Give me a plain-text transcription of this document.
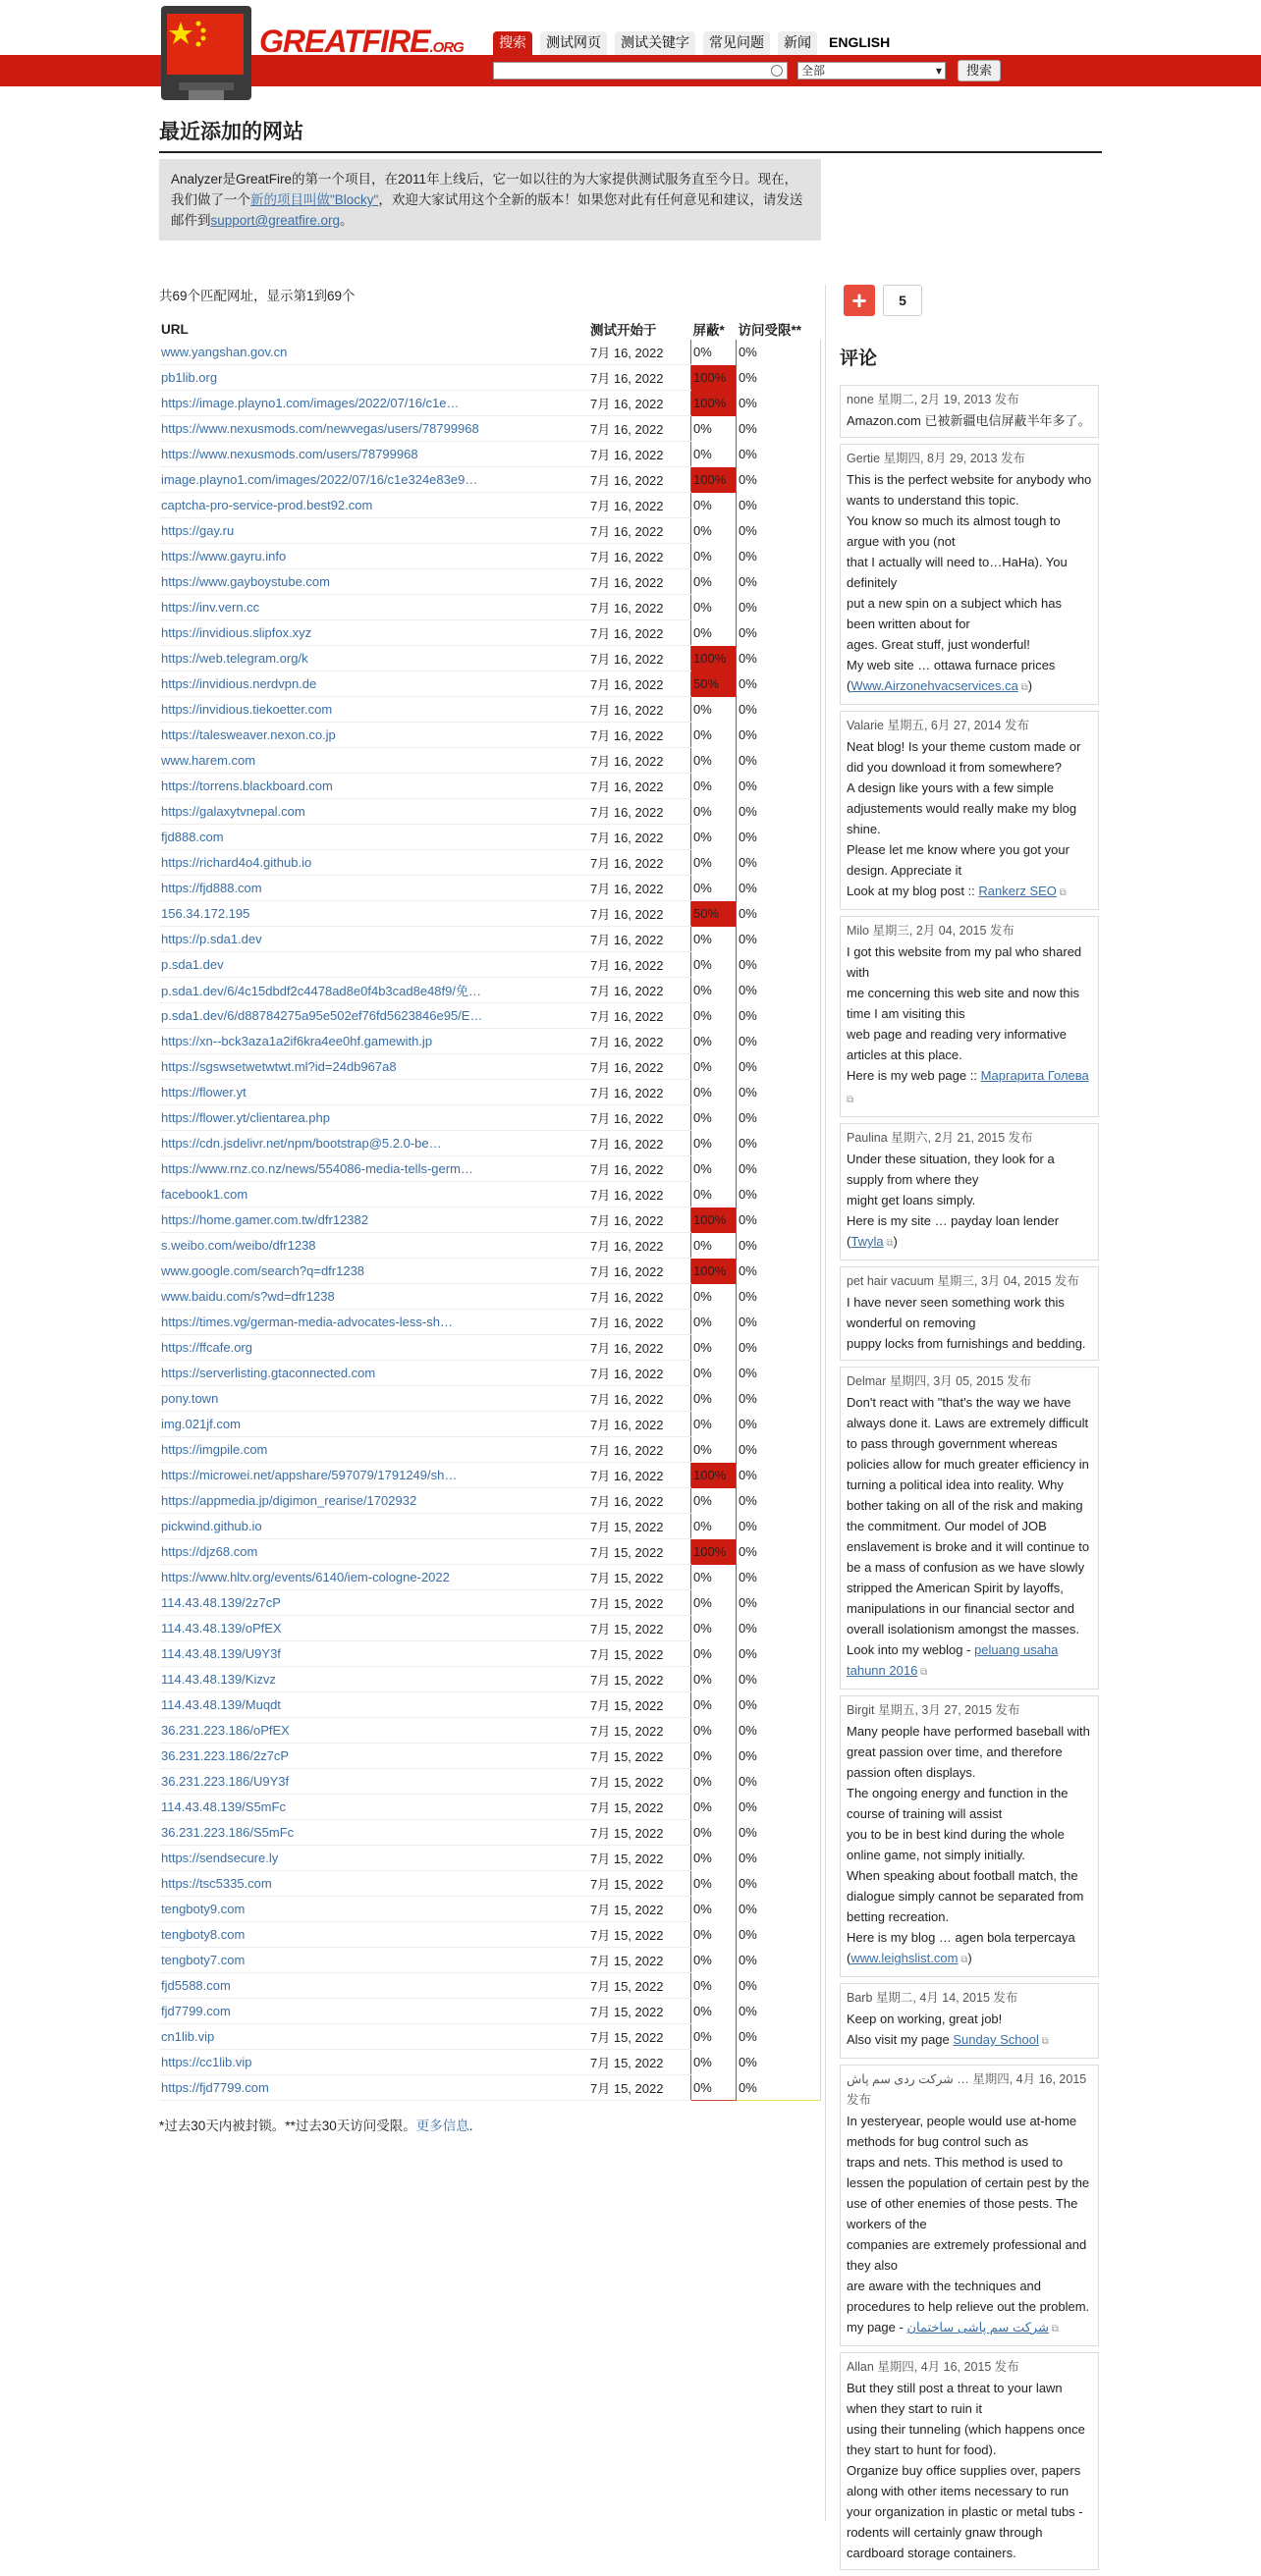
GREATFIRE.ORG	搜索	测试网页	测试关键字	常见问题	新闻	ENGLISH
全部 ▾	搜索
最近添加的网站
Analyzer是GreatFire的第一个项目，在2011年上线后，它一如以往的为大家提供测试服务直至今日。现在，我们做了一个新的项目叫做"Blocky"，欢迎大家试用这个全新的版本！如果您对此有任何意见和建议，请发送邮件到support@greatfire.org。
共69个匹配网址，显示第1到69个
URL	测试开始于	屏蔽*	访问受限**
www.yangshan.gov.cn	7月 16, 2022	0%	0%
pb1lib.org	7月 16, 2022	100%	0%
https://image.playno1.com/images/2022/07/16/c1e…	7月 16, 2022	100%	0%
https://www.nexusmods.com/newvegas/users/78799968	7月 16, 2022	0%	0%
https://www.nexusmods.com/users/78799968	7月 16, 2022	0%	0%
image.playno1.com/images/2022/07/16/c1e324e83e9…	7月 16, 2022	100%	0%
captcha-pro-service-prod.best92.com	7月 16, 2022	0%	0%
https://gay.ru	7月 16, 2022	0%	0%
https://www.gayru.info	7月 16, 2022	0%	0%
https://www.gayboystube.com	7月 16, 2022	0%	0%
https://inv.vern.cc	7月 16, 2022	0%	0%
https://invidious.slipfox.xyz	7月 16, 2022	0%	0%
https://web.telegram.org/k	7月 16, 2022	100%	0%
https://invidious.nerdvpn.de	7月 16, 2022	50%	0%
https://invidious.tiekoetter.com	7月 16, 2022	0%	0%
https://talesweaver.nexon.co.jp	7月 16, 2022	0%	0%
www.harem.com	7月 16, 2022	0%	0%
https://torrens.blackboard.com	7月 16, 2022	0%	0%
https://galaxytvnepal.com	7月 16, 2022	0%	0%
fjd888.com	7月 16, 2022	0%	0%
https://richard4o4.github.io	7月 16, 2022	0%	0%
https://fjd888.com	7月 16, 2022	0%	0%
156.34.172.195	7月 16, 2022	50%	0%
https://p.sda1.dev	7月 16, 2022	0%	0%
p.sda1.dev	7月 16, 2022	0%	0%
p.sda1.dev/6/4c15dbdf2c4478ad8e0f4b3cad8e48f9/免…	7月 16, 2022	0%	0%
p.sda1.dev/6/d88784275a95e502ef76fd5623846e95/E…	7月 16, 2022	0%	0%
https://xn--bck3aza1a2if6kra4ee0hf.gamewith.jp	7月 16, 2022	0%	0%
https://sgswsetwetwtwt.ml?id=24db967a8	7月 16, 2022	0%	0%
https://flower.yt	7月 16, 2022	0%	0%
https://flower.yt/clientarea.php	7月 16, 2022	0%	0%
https://cdn.jsdelivr.net/npm/bootstrap@5.2.0-be…	7月 16, 2022	0%	0%
https://www.rnz.co.nz/news/554086-media-tells-germ…	7月 16, 2022	0%	0%
facebook1.com	7月 16, 2022	0%	0%
https://home.gamer.com.tw/dfr12382	7月 16, 2022	100%	0%
s.weibo.com/weibo/dfr1238	7月 16, 2022	0%	0%
www.google.com/search?q=dfr1238	7月 16, 2022	100%	0%
www.baidu.com/s?wd=dfr1238	7月 16, 2022	0%	0%
https://times.vg/german-media-advocates-less-sh…	7月 16, 2022	0%	0%
https://ffcafe.org	7月 16, 2022	0%	0%
https://serverlisting.gtaconnected.com	7月 16, 2022	0%	0%
pony.town	7月 16, 2022	0%	0%
img.021jf.com	7月 16, 2022	0%	0%
https://imgpile.com	7月 16, 2022	0%	0%
https://microwei.net/appshare/597079/1791249/sh…	7月 16, 2022	100%	0%
https://appmedia.jp/digimon_rearise/1702932	7月 16, 2022	0%	0%
pickwind.github.io	7月 15, 2022	0%	0%
https://djz68.com	7月 15, 2022	100%	0%
https://www.hltv.org/events/6140/iem-cologne-2022	7月 15, 2022	0%	0%
114.43.48.139/2z7cP	7月 15, 2022	0%	0%
114.43.48.139/oPfEX	7月 15, 2022	0%	0%
114.43.48.139/U9Y3f	7月 15, 2022	0%	0%
114.43.48.139/Kizvz	7月 15, 2022	0%	0%
114.43.48.139/Muqdt	7月 15, 2022	0%	0%
36.231.223.186/oPfEX	7月 15, 2022	0%	0%
36.231.223.186/2z7cP	7月 15, 2022	0%	0%
36.231.223.186/U9Y3f	7月 15, 2022	0%	0%
114.43.48.139/S5mFc	7月 15, 2022	0%	0%
36.231.223.186/S5mFc	7月 15, 2022	0%	0%
https://sendsecure.ly	7月 15, 2022	0%	0%
https://tsc5335.com	7月 15, 2022	0%	0%
tengboty9.com	7月 15, 2022	0%	0%
tengboty8.com	7月 15, 2022	0%	0%
tengboty7.com	7月 15, 2022	0%	0%
fjd5588.com	7月 15, 2022	0%	0%
fjd7799.com	7月 15, 2022	0%	0%
cn1lib.vip	7月 15, 2022	0%	0%
https://cc1lib.vip	7月 15, 2022	0%	0%
https://fjd7799.com	7月 15, 2022	0%	0%
*过去30天内被封锁。**过去30天访问受限。更多信息.
+	5
评论
none 星期二, 2月 19, 2013 发布

Amazon.com 已被新疆电信屏蔽半年多了。

Gertie 星期四, 8月 29, 2013 发布

This is the perfect website for anybody who wants to understand this topic.

You know so much its almost tough to argue with you (not

that I actually will need to…HaHa). You definitely

put a new spin on a subject which has been written about for

ages. Great stuff, just wonderful!

My web site … ottawa furnace prices (Www.Airzonehvacservices.ca ⧉)

Valarie 星期五, 6月 27, 2014 发布

Neat blog! Is your theme custom made or did you download it from somewhere?

A design like yours with a few simple adjustements would really make my blog shine.

Please let me know where you got your design. Appreciate it

Look at my blog post :: Rankerz SEO ⧉

Milo 星期三, 2月 04, 2015 发布

I got this website from my pal who shared with

me concerning this web site and now this time I am visiting this

web page and reading very informative articles at this place.

Here is my web page :: Маргарита Голева ⧉

Paulina 星期六, 2月 21, 2015 发布

Under these situation, they look for a supply from where they

might get loans simply.

Here is my site … payday loan lender (Twyla ⧉)

pet hair vacuum 星期三, 3月 04, 2015 发布

I have never seen something work this wonderful on removing

puppy locks from furnishings and bedding.

Delmar 星期四, 3月 05, 2015 发布

Don't react with "that's the way we have always done it. Laws are extremely difficult to pass through government whereas policies allow for much greater efficiency in turning a political idea into reality. Why bother taking on all of the risk and making the commitment. Our model of JOB enslavement is broke and it will continue to be a mass of confusion as we have slowly stripped the American Spirit by layoffs, manipulations in our financial sector and overall isolationism amongst the masses.

Look into my weblog - peluang usaha tahunn 2016 ⧉

Birgit 星期五, 3月 27, 2015 发布

Many people have performed baseball with great passion over time, and therefore passion often displays.

The ongoing energy and function in the course of training will assist

you to be in best kind during the whole online game, not simply initially.

When speaking about football match, the dialogue simply cannot be separated from betting recreation.

Here is my blog … agen bola terpercaya (www.leighslist.com ⧉)

Barb 星期二, 4月 14, 2015 发布

Keep on working, great job!

Also visit my page Sunday School ⧉

شرکت ردی سم پاش … 星期四, 4月 16, 2015 发布

In yesteryear, people would use at-home methods for bug control such as

traps and nets. This method is used to lessen the population of certain pest by the use of other enemies of those pests. The workers of the

companies are extremely professional and they also

are aware with the techniques and procedures to help relieve out the problem.

my page - شرکت سم پاشی ساختمان ⧉

Allan 星期四, 4月 16, 2015 发布

But they still post a threat to your lawn when they start to ruin it

using their tunneling (which happens once they start to hunt for food).

Organize buy office supplies over, papers along with other items necessary to run your organization in plastic or metal tubs - rodents will certainly gnaw through cardboard storage containers.
